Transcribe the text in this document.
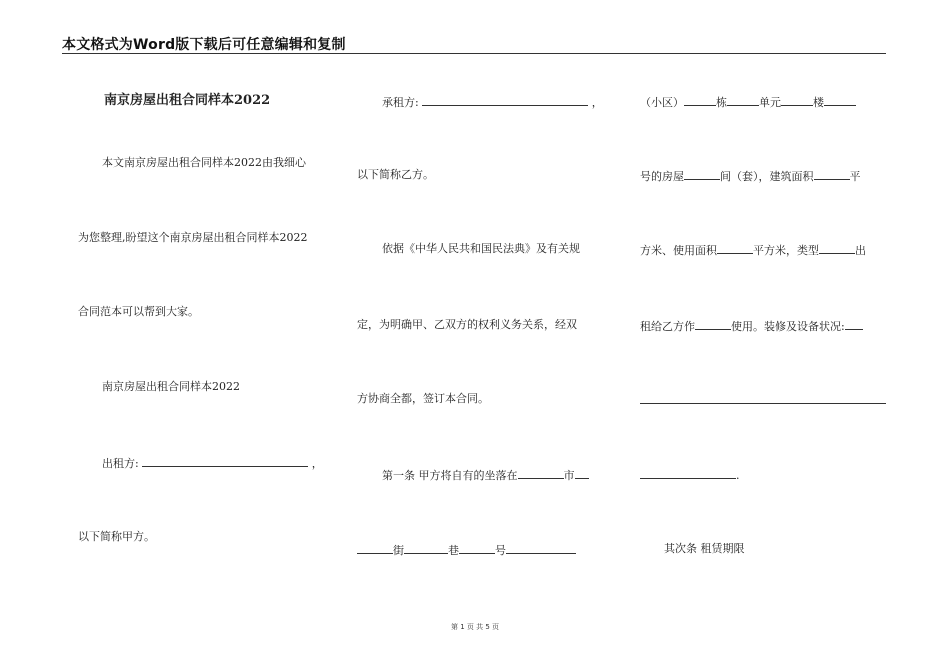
本文格式为Word版下载后可任意编辑和复制
南京房屋出租合同样本2022
本文南京房屋出租合同样本2022由我细心
为您整理,盼望这个南京房屋出租合同样本2022
合同范本可以帮到大家。
南京房屋出租合同样本2022
出租方:	，
以下简称甲方。
承租方:	，
以下简称乙方。
依据《中华人民共和国民法典》及有关规
定，为明确甲、乙双方的权利义务关系，经双
方协商全都，签订本合同。
第一条 甲方将自有的坐落在	市
街	巷	号
（小区）	栋	单元	楼
号的房屋	间（套），建筑面积	平
方米、使用面积	平方米，类型	出
租给乙方作	使用。装修及设备状况:
.
其次条 租赁期限
第 1 页 共 5 页
